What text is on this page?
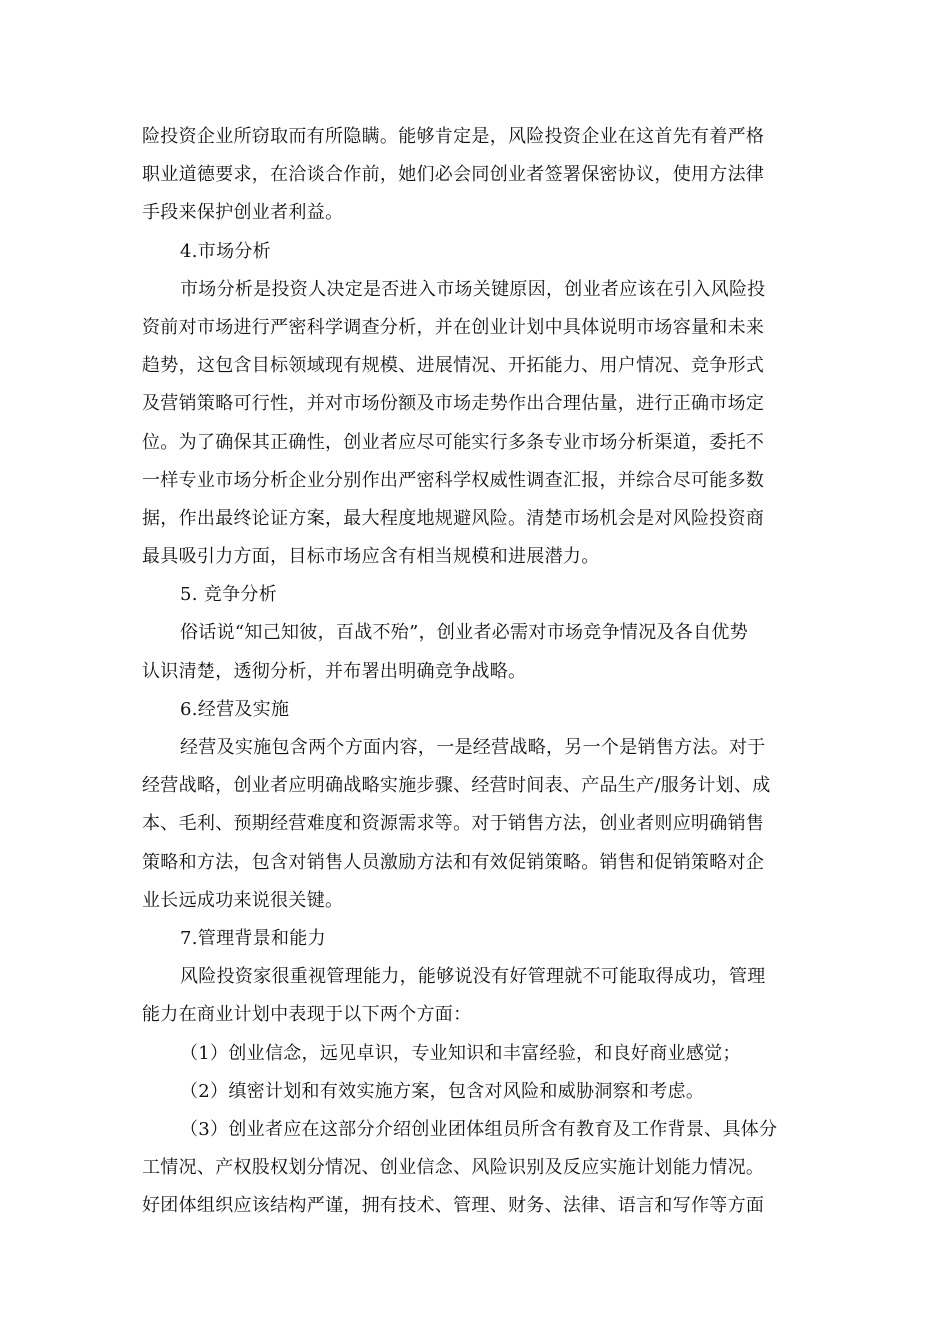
险投资企业所窃取而有所隐瞒。能够肯定是，风险投资企业在这首先有着严格
职业道德要求，在洽谈合作前，她们必会同创业者签署保密协议，使用方法律
手段来保护创业者利益。
4.市场分析
市场分析是投资人决定是否进入市场关键原因，创业者应该在引入风险投
资前对市场进行严密科学调查分析，并在创业计划中具体说明市场容量和未来
趋势，这包含目标领域现有规模、进展情况、开拓能力、用户情况、竞争形式
及营销策略可行性，并对市场份额及市场走势作出合理估量，进行正确市场定
位。为了确保其正确性，创业者应尽可能实行多条专业市场分析渠道，委托不
一样专业市场分析企业分别作出严密科学权威性调查汇报，并综合尽可能多数
据，作出最终论证方案，最大程度地规避风险。清楚市场机会是对风险投资商
最具吸引力方面，目标市场应含有相当规模和进展潜力。
5. 竞争分析
俗话说“知己知彼，百战不殆”，创业者必需对市场竞争情况及各自优势
认识清楚，透彻分析，并布署出明确竞争战略。
6.经营及实施
经营及实施包含两个方面内容，一是经营战略，另一个是销售方法。对于
经营战略，创业者应明确战略实施步骤、经营时间表、产品生产/服务计划、成
本、毛利、预期经营难度和资源需求等。对于销售方法，创业者则应明确销售
策略和方法，包含对销售人员激励方法和有效促销策略。销售和促销策略对企
业长远成功来说很关键。
7.管理背景和能力
风险投资家很重视管理能力，能够说没有好管理就不可能取得成功，管理
能力在商业计划中表现于以下两个方面：
（1）创业信念，远见卓识，专业知识和丰富经验，和良好商业感觉；
（2）缜密计划和有效实施方案，包含对风险和威胁洞察和考虑。
（3）创业者应在这部分介绍创业团体组员所含有教育及工作背景、具体分
工情况、产权股权划分情况、创业信念、风险识别及反应实施计划能力情况。
好团体组织应该结构严谨，拥有技术、管理、财务、法律、语言和写作等方面
